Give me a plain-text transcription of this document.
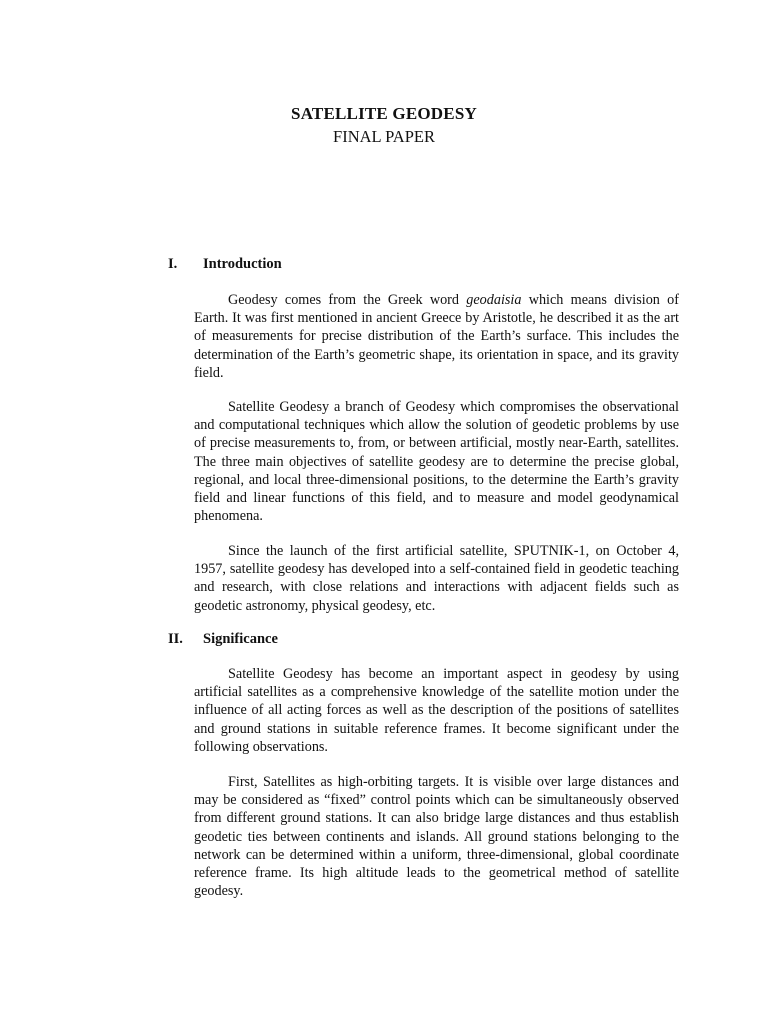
SATELLITE GEODESY
FINAL PAPER
I. Introduction

Geodesy comes from the Greek word geodaisia which means division of Earth. It was first mentioned in ancient Greece by Aristotle, he described it as the art of measurements for precise distribution of the Earth’s surface. This includes the determination of the Earth’s geometric shape, its orientation in space, and its gravity field.

Satellite Geodesy a branch of Geodesy which compromises the observational and computational techniques which allow the solution of geodetic problems by use of precise measurements to, from, or between artificial, mostly near-Earth, satellites. The three main objectives of satellite geodesy are to determine the precise global, regional, and local three-dimensional positions, to the determine the Earth’s gravity field and linear functions of this field, and to measure and model geodynamical phenomena.

Since the launch of the first artificial satellite, SPUTNIK-1, on October 4, 1957, satellite geodesy has developed into a self-contained field in geodetic teaching and research, with close relations and interactions with adjacent fields such as geodetic astronomy, physical geodesy, etc.

II. Significance

Satellite Geodesy has become an important aspect in geodesy by using artificial satellites as a comprehensive knowledge of the satellite motion under the influence of all acting forces as well as the description of the positions of satellites and ground stations in suitable reference frames. It become significant under the following observations.

First, Satellites as high-orbiting targets. It is visible over large distances and may be considered as “fixed” control points which can be simultaneously observed from different ground stations. It can also bridge large distances and thus establish geodetic ties between continents and islands. All ground stations belonging to the network can be determined within a uniform, three-dimensional, global coordinate reference frame. Its high altitude leads to the geometrical method of satellite geodesy.
